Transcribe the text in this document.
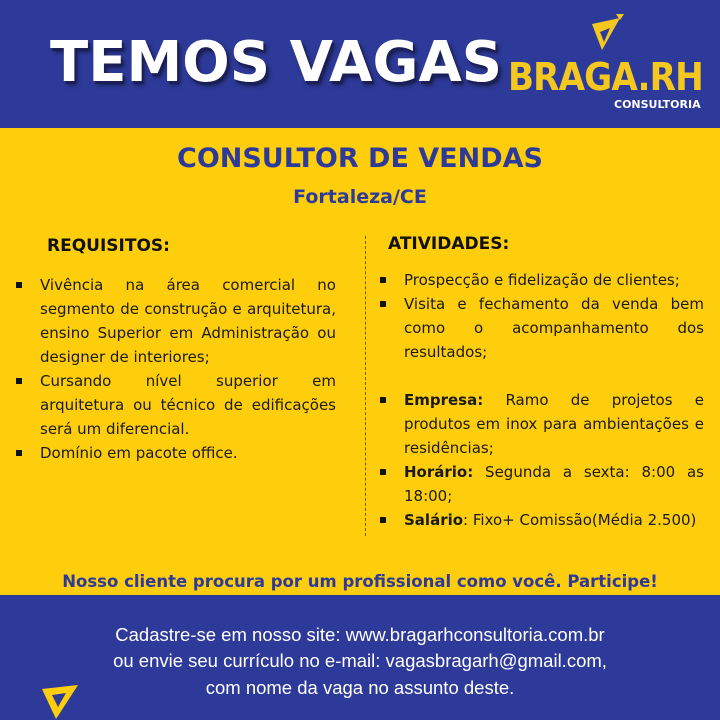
TEMOS VAGAS BRAGA.RH
CONSULTORIA
CONSULTOR DE VENDAS
Fortaleza/CE
REQUISITOS:	ATIVIDADES:
Vivência na área comercial no segmento de construção e arquitetura, ensino Superior em Administração ou designer de interiores;
Cursando nível superior em arquitetura ou técnico de edificações será um diferencial.
Domínio em pacote office.
Prospecção e fidelização de clientes;
Visita e fechamento da venda bem como o acompanhamento dos resultados;
Empresa: Ramo de projetos e produtos em inox para ambientações e residências;
Horário: Segunda a sexta: 8:00 as 18:00;
Salário: Fixo+ Comissão(Média 2.500)
Nosso cliente procura por um profissional como você. Participe!
Cadastre-se em nosso site: www.bragarhconsultoria.com.br
ou envie seu currículo no e-mail: vagasbragarh@gmail.com,
com nome da vaga no assunto deste.
